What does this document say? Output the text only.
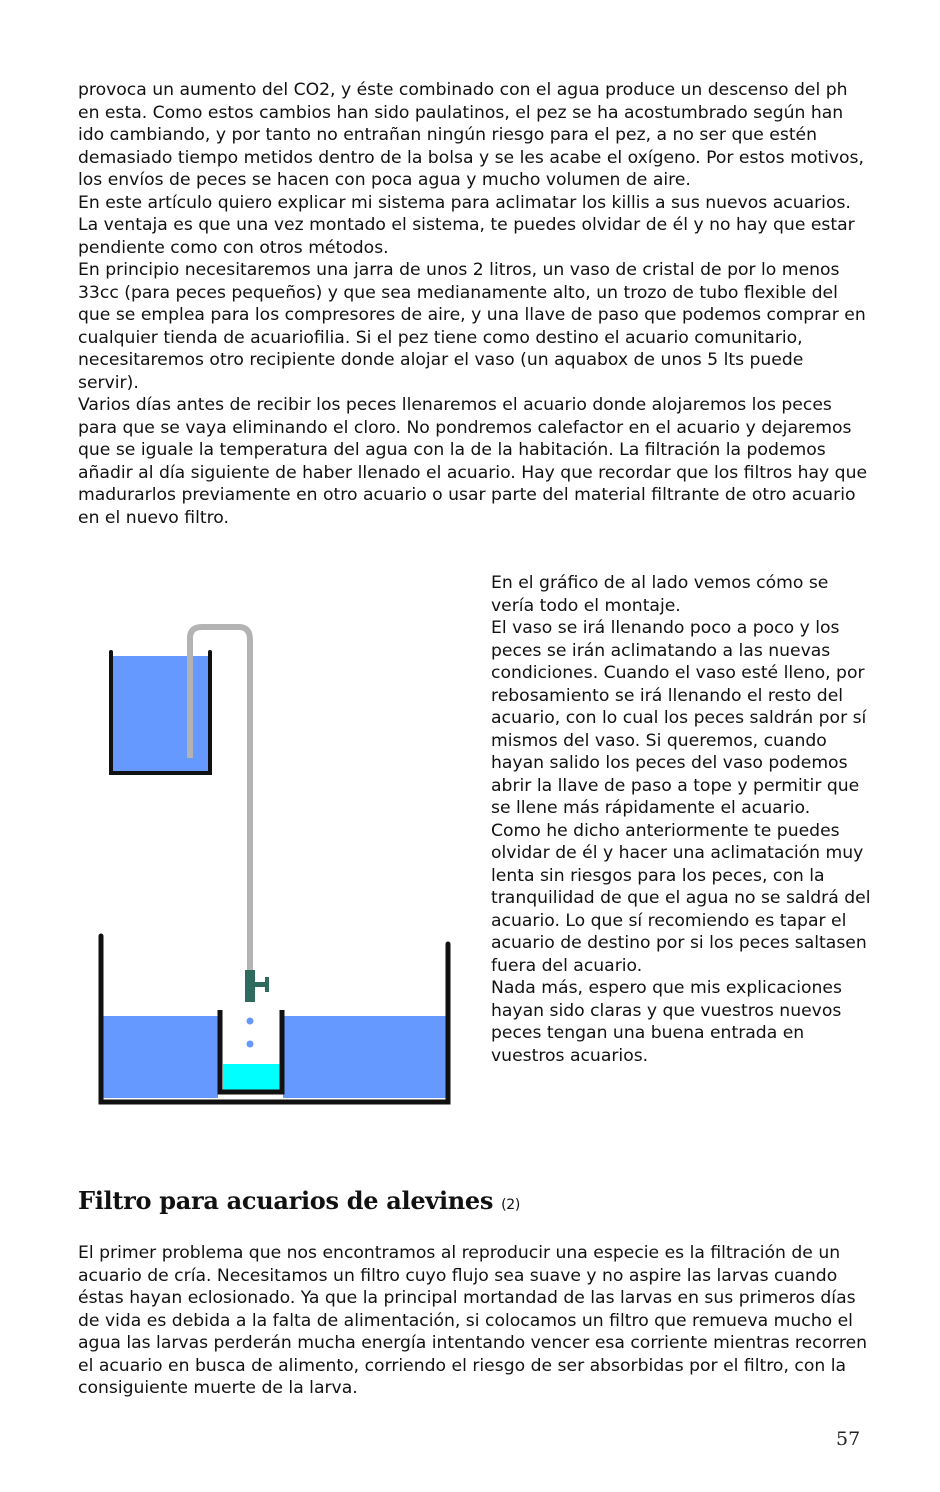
provoca un aumento del CO2, y éste combinado con el agua produce un descenso del ph en esta. Como estos cambios han sido paulatinos, el pez se ha acostumbrado según han ido cambiando, y por tanto no entrañan ningún riesgo para el pez, a no ser que estén demasiado tiempo metidos dentro de la bolsa y se les acabe el oxígeno. Por estos motivos, los envíos de peces se hacen con poca agua y mucho volumen de aire.

En este artículo quiero explicar mi sistema para aclimatar los killis a sus nuevos acuarios. La ventaja es que una vez montado el sistema, te puedes olvidar de él y no hay que estar pendiente como con otros métodos.

En principio necesitaremos una jarra de unos 2 litros, un vaso de cristal de por lo menos 33cc (para peces pequeños) y que sea medianamente alto, un trozo de tubo flexible del que se emplea para los compresores de aire, y una llave de paso que podemos comprar en cualquier tienda de acuariofilia. Si el pez tiene como destino el acuario comunitario, necesitaremos otro recipiente donde alojar el vaso (un aquabox de unos 5 lts puede servir).

Varios días antes de recibir los peces llenaremos el acuario donde alojaremos los peces para que se vaya eliminando el cloro. No pondremos calefactor en el acuario y dejaremos que se iguale la temperatura del agua con la de la habitación. La filtración la podemos añadir al día siguiente de haber llenado el acuario. Hay que recordar que los filtros hay que madurarlos previamente en otro acuario o usar parte del material filtrante de otro acuario en el nuevo filtro.

En el gráfico de al lado vemos cómo se vería todo el montaje.

El vaso se irá llenando poco a poco y los peces se irán aclimatando a las nuevas condiciones. Cuando el vaso esté lleno, por rebosamiento se irá llenando el resto del acuario, con lo cual los peces saldrán por sí mismos del vaso. Si queremos, cuando hayan salido los peces del vaso podemos abrir la llave de paso a tope y permitir que se llene más rápidamente el acuario.

Como he dicho anteriormente te puedes olvidar de él y hacer una aclimatación muy lenta sin riesgos para los peces, con la tranquilidad de que el agua no se saldrá del acuario. Lo que sí recomiendo es tapar el acuario de destino por si los peces saltasen fuera del acuario.

Nada más, espero que mis explicaciones hayan sido claras y que vuestros nuevos peces tengan una buena entrada en vuestros acuarios.

Filtro para acuarios de alevines (2)

El primer problema que nos encontramos al reproducir una especie es la filtración de un acuario de cría. Necesitamos un filtro cuyo flujo sea suave y no aspire las larvas cuando éstas hayan eclosionado. Ya que la principal mortandad de las larvas en sus primeros días de vida es debida a la falta de alimentación, si colocamos un filtro que remueva mucho el agua las larvas perderán mucha energía intentando vencer esa corriente mientras recorren el acuario en busca de alimento, corriendo el riesgo de ser absorbidas por el filtro, con la consiguiente muerte de la larva.

57
